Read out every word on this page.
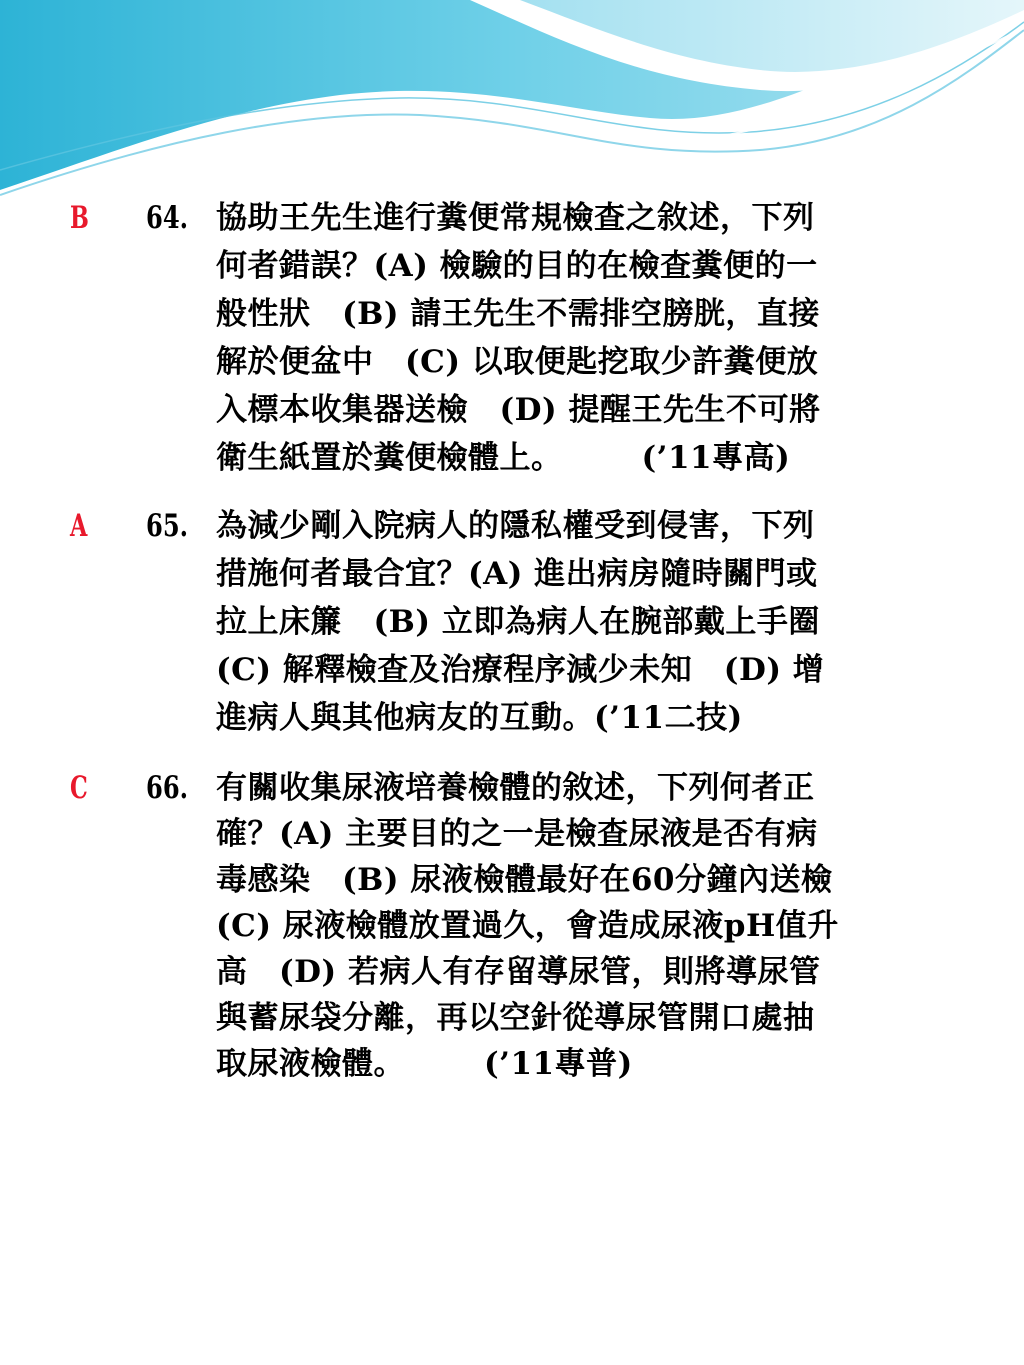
B 64. 協助王先生進行糞便常規檢查之敘述，下列
何者錯誤？(A) 檢驗的目的在檢查糞便的一
般性狀　(B) 請王先生不需排空膀胱，直接
解於便盆中　(C) 以取便匙挖取少許糞便放
入標本收集器送檢　(D) 提醒王先生不可將
衛生紙置於糞便檢體上。　　　(’11專高)
A 65. 為減少剛入院病人的隱私權受到侵害，下列
措施何者最合宜？(A) 進出病房隨時關門或
拉上床簾　(B) 立即為病人在腕部戴上手圈
(C) 解釋檢查及治療程序減少未知　(D) 增
進病人與其他病友的互動。(’11二技)
C 66. 有關收集尿液培養檢體的敘述，下列何者正
確？(A) 主要目的之一是檢查尿液是否有病
毒感染　(B) 尿液檢體最好在60分鐘內送檢
(C) 尿液檢體放置過久，會造成尿液pH值升
高　(D) 若病人有存留導尿管，則將導尿管
與蓄尿袋分離，再以空針從導尿管開口處抽
取尿液檢體。　　　(’11專普)
